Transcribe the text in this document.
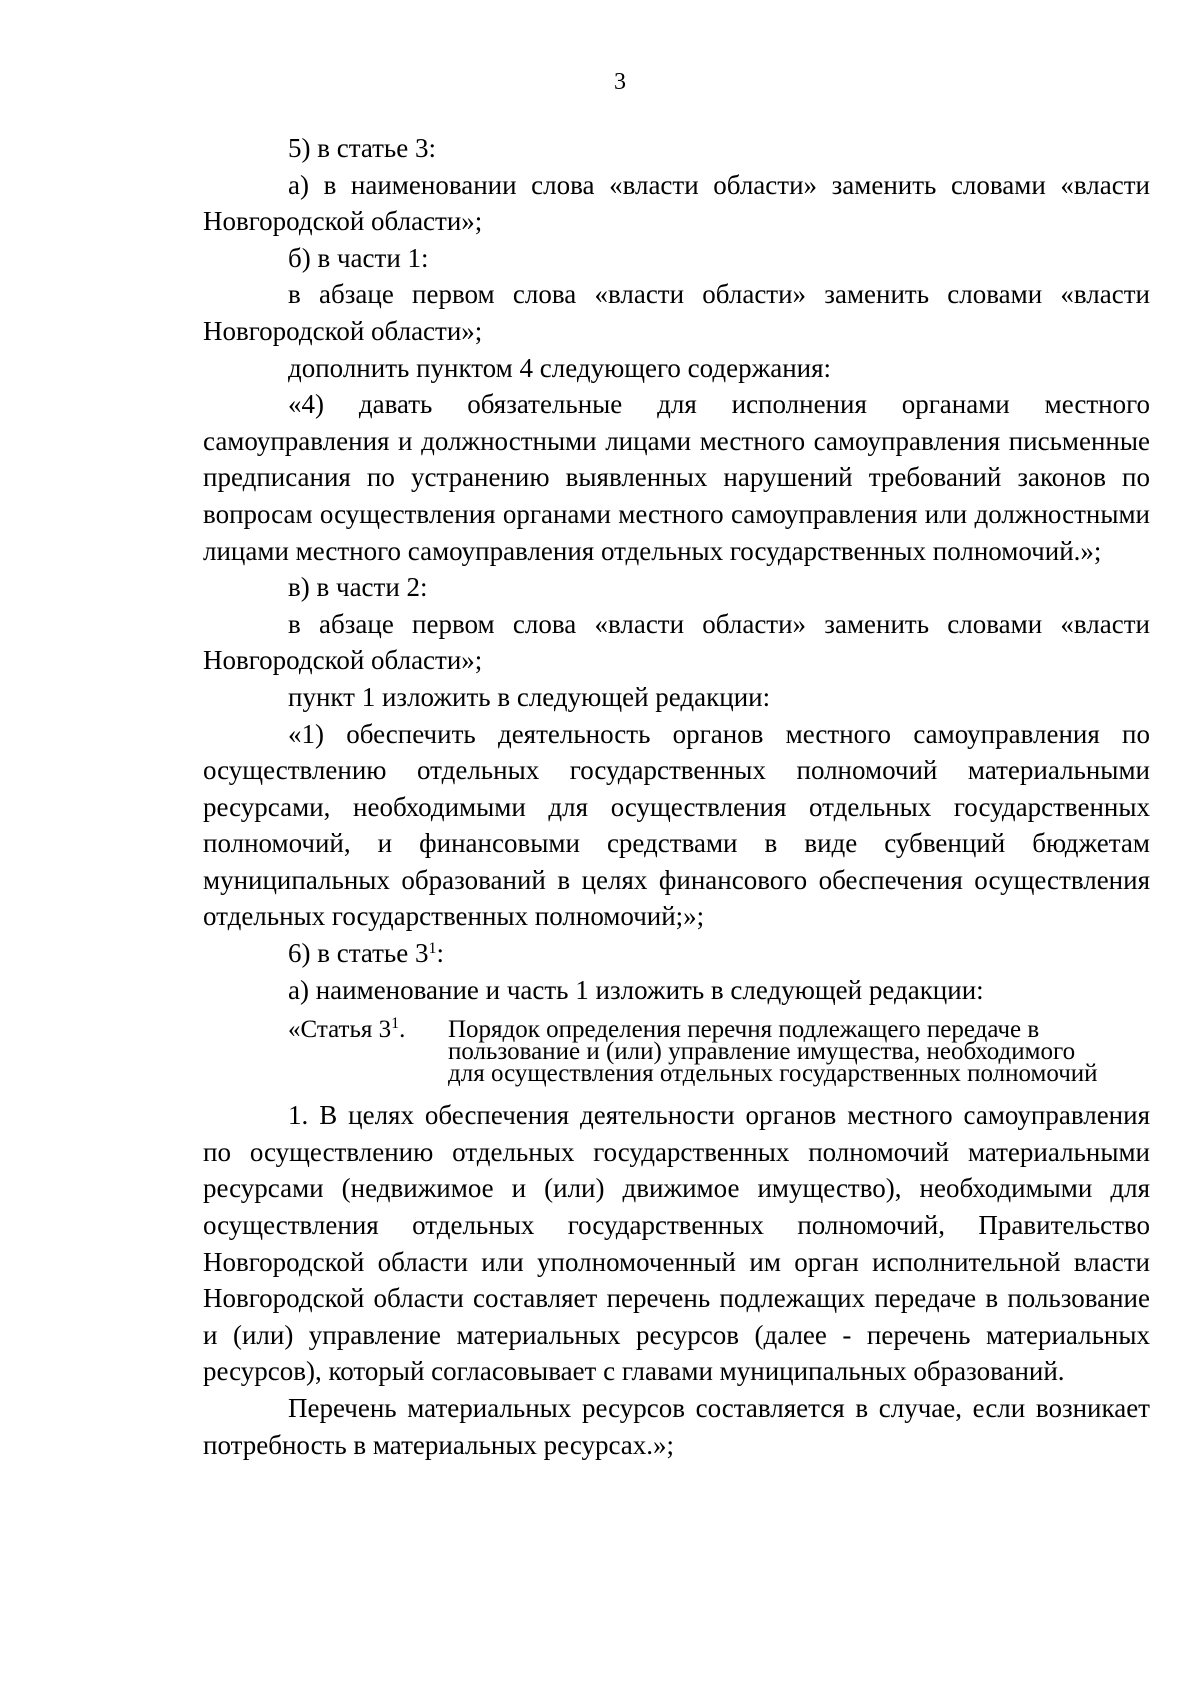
3

5) в статье 3:

а) в наименовании слова «власти области» заменить словами «власти Новгородской области»;

б) в части 1:

в абзаце первом слова «власти области» заменить словами «власти Новгородской области»;

дополнить пунктом 4 следующего содержания:

«4) давать обязательные для исполнения органами местного самоуправления и должностными лицами местного самоуправления письменные предписания по устранению выявленных нарушений требований законов по вопросам осуществления органами местного самоуправления или должностными лицами местного самоуправления отдельных государственных полномочий.»;

в) в части 2:

в абзаце первом слова «власти области» заменить словами «власти Новгородской области»;

пункт 1 изложить в следующей редакции:

«1) обеспечить деятельность органов местного самоуправления по осуществлению отдельных государственных полномочий материальными ресурсами, необходимыми для осуществления отдельных государственных полномочий, и финансовыми средствами в виде субвенций бюджетам муниципальных образований в целях финансового обеспечения осуществления отдельных государственных полномочий;»;

6) в статье $3^1$:

а) наименование и часть 1 изложить в следующей редакции:

«Статья $3^1$.	Порядок определения перечня подлежащего передаче в
пользование и (или) управление имущества, необходимого
для осуществления отдельных государственных полномочий

1. В целях обеспечения деятельности органов местного самоуправления по осуществлению отдельных государственных полномочий материальными ресурсами (недвижимое и (или) движимое имущество), необходимыми для осуществления отдельных государственных полномочий, Правительство Новгородской области или уполномоченный им орган исполнительной власти Новгородской области составляет перечень подлежащих передаче в пользование и (или) управление материальных ресурсов (далее - перечень материальных ресурсов), который согласовывает с главами муниципальных образований.

Перечень материальных ресурсов составляется в случае, если возникает потребность в материальных ресурсах.»;
